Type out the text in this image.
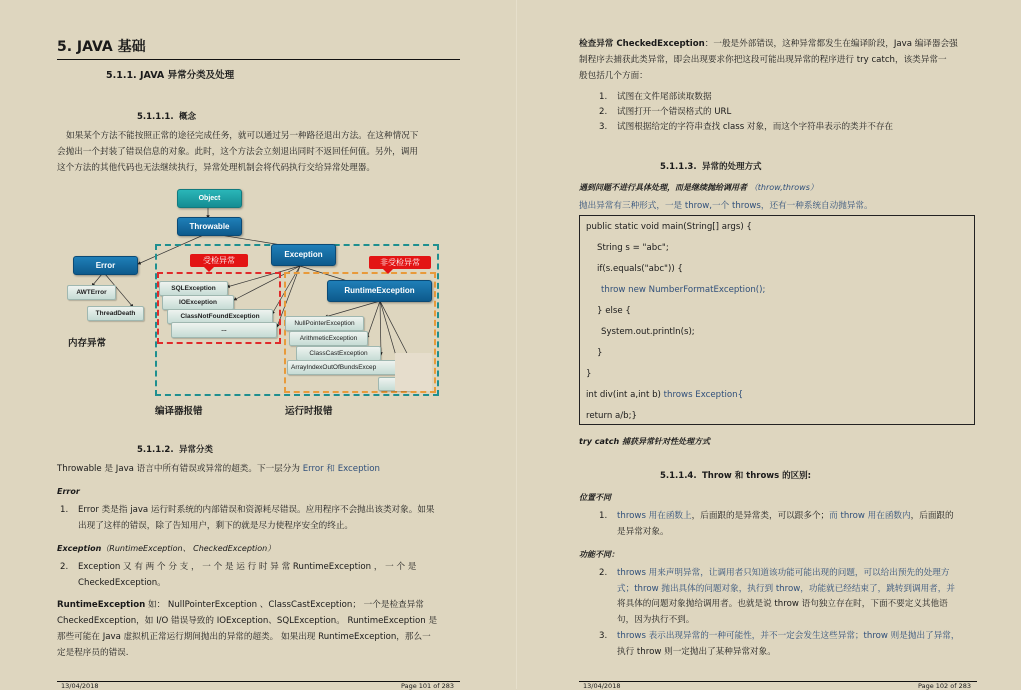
5. JAVA 基础
5.1.1. JAVA 异常分类及处理
5.1.1.1. 概念
如果某个方法不能按照正常的途径完成任务，就可以通过另一种路径退出方法。在这种情况下
会抛出一个封装了错误信息的对象。此时，这个方法会立刻退出同时不返回任何值。另外，调用
这个方法的其他代码也无法继续执行，异常处理机制会将代码执行交给异常处理器。
Object
Throwable
Error
Exception
RuntimeException
受检异常	非受检异常
AWTError
ThreadDeath
SQLException
IOException
ClassNotFoundException
...
NullPointerException
ArithmeticException
ClassCastException
ArrayIndexOutOfBundsExcep
内存异常
编译器报错	运行时报错
5.1.1.2. 异常分类
Throwable 是 Java 语言中所有错误或异常的超类。下一层分为 Error 和 Exception
Error
1. Error 类是指 java 运行时系统的内部错误和资源耗尽错误。应用程序不会抛出该类对象。如果
出现了这样的错误，除了告知用户，剩下的就是尽力使程序安全的终止。
Exception（RuntimeException、 CheckedException）
2. Exception 又 有 两 个 分 支 ， 一 个 是 运 行 时 异 常 RuntimeException ， 一 个 是
CheckedException。
RuntimeException 如： NullPointerException 、ClassCastException； 一个是检查异常
CheckedException，如 I/O 错误导致的 IOException、SQLException。 RuntimeException 是
那些可能在 Java 虚拟机正常运行期间抛出的异常的超类。 如果出现 RuntimeException，那么一
定是程序员的错误.
13/04/2018	Page 101 of 283
检查异常 CheckedException：一般是外部错误，这种异常都发生在编译阶段，Java 编译器会强
制程序去捕获此类异常，即会出现要求你把这段可能出现异常的程序进行 try catch，该类异常一
般包括几个方面：
1. 试图在文件尾部读取数据
2. 试图打开一个错误格式的 URL
3. 试图根据给定的字符串查找 class 对象，而这个字符串表示的类并不存在
5.1.1.3. 异常的处理方式
遇到问题不进行具体处理，而是继续抛给调用者 （throw,throws）
抛出异常有三种形式，一是 throw,一个 throws，还有一种系统自动抛异常。
public static void main(String[] args) {
String s = "abc";
if(s.equals("abc")) {
throw new NumberFormatException();
} else {
System.out.println(s);
}
}
int div(int a,int b) throws Exception{
return a/b;}
try catch 捕获异常针对性处理方式
5.1.1.4. Throw 和 throws 的区别:
位置不同
1. throws 用在函数上，后面跟的是异常类，可以跟多个；而 throw 用在函数内，后面跟的
是异常对象。
功能不同：
2. throws 用来声明异常，让调用者只知道该功能可能出现的问题，可以给出预先的处理方
式；throw 抛出具体的问题对象，执行到 throw，功能就已经结束了，跳转到调用者，并
将具体的问题对象抛给调用者。也就是说 throw 语句独立存在时，下面不要定义其他语
句，因为执行不到。
3. throws 表示出现异常的一种可能性，并不一定会发生这些异常；throw 则是抛出了异常，
执行 throw 则一定抛出了某种异常对象。
13/04/2018	Page 102 of 283
